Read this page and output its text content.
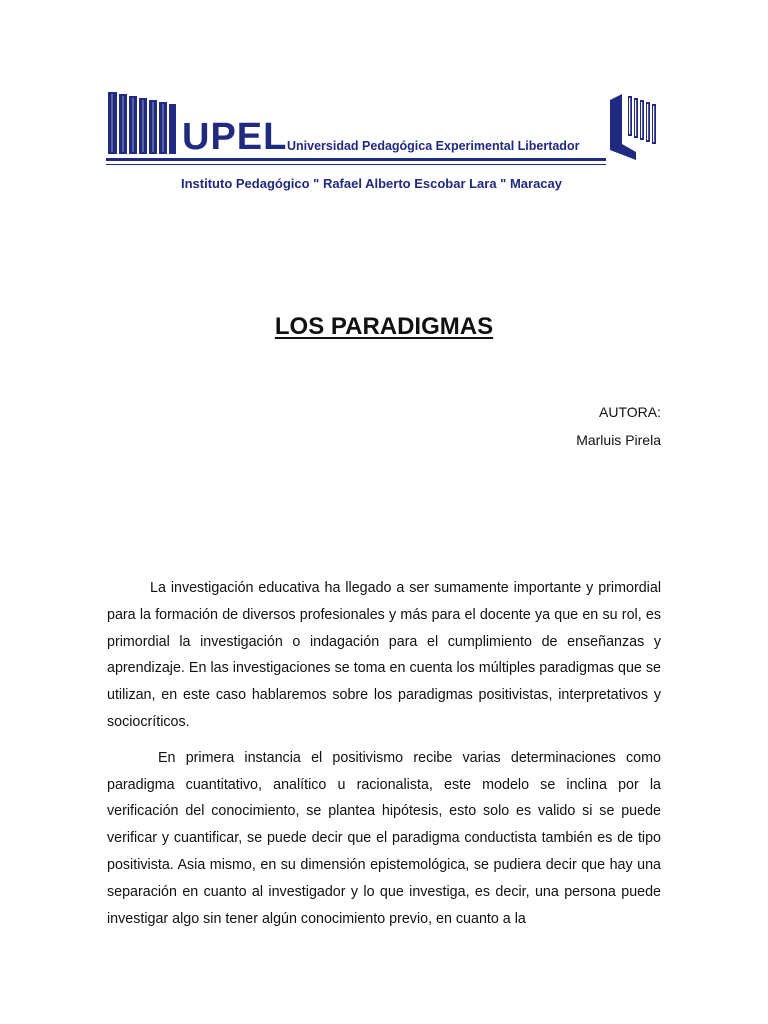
UPEL Universidad Pedagógica Experimental Libertador
Instituto Pedagógico " Rafael Alberto Escobar Lara " Maracay
LOS PARADIGMAS
AUTORA:
Marluis Pirela

La investigación educativa ha llegado a ser sumamente importante y primordial para la formación de diversos profesionales y más para el docente ya que en su rol, es primordial la investigación o indagación para el cumplimiento de enseñanzas y aprendizaje. En las investigaciones se toma en cuenta los múltiples paradigmas que se utilizan, en este caso hablaremos sobre los paradigmas positivistas, interpretativos y sociocríticos.

En primera instancia el positivismo recibe varias determinaciones como paradigma cuantitativo, analítico u racionalista, este modelo se inclina por la verificación del conocimiento, se plantea hipótesis, esto solo es valido si se puede verificar y cuantificar, se puede decir que el paradigma conductista también es de tipo positivista. Asia mismo, en su dimensión epistemológica, se pudiera decir que hay una separación en cuanto al investigador y lo que investiga, es decir, una persona puede investigar algo sin tener algún conocimiento previo, en cuanto a la
